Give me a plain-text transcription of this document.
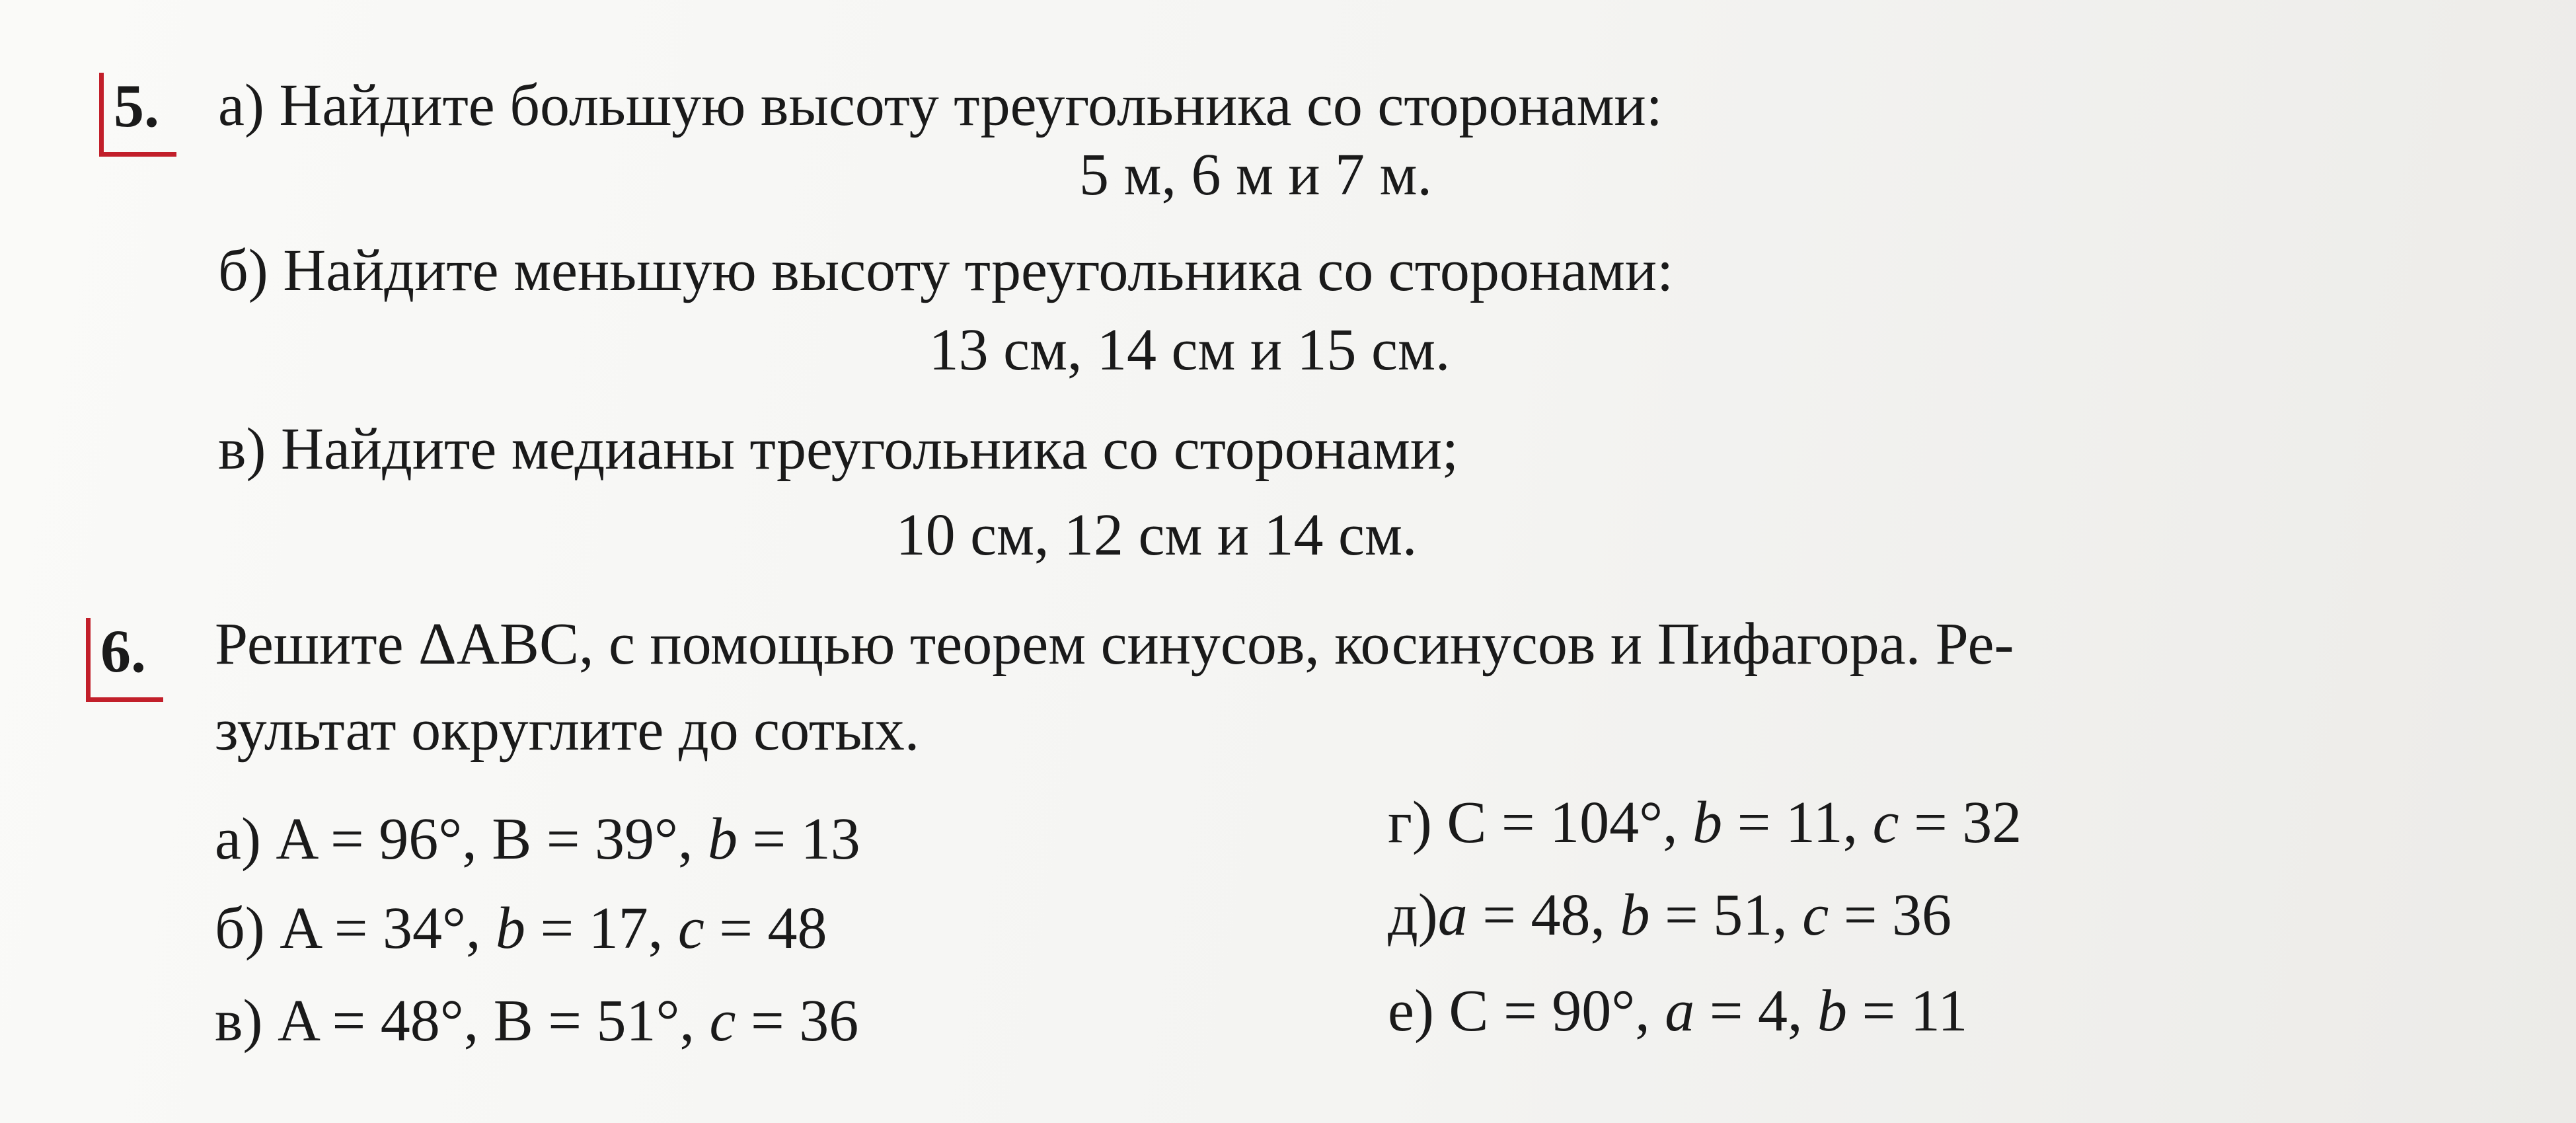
5. а) Найдите большую высоту треугольника со сторонами:
5 м, 6 м и 7 м.
б) Найдите меньшую высоту треугольника со сторонами:
13 см, 14 см и 15 см.
в) Найдите медианы треугольника со сторонами;
10 см, 12 см и 14 см.
6. Решите ΔABC, с помощью теорем синусов, косинусов и Пифагора. Ре-
зультат округлите до сотых.
а) A = 96°, B = 39°, b = 13
б) A = 34°, b = 17, c = 48
в) A = 48°, B = 51°, c = 36
г) C = 104°, b = 11, c = 32
д)a = 48, b = 51, c = 36
е) C = 90°, a = 4, b = 11
